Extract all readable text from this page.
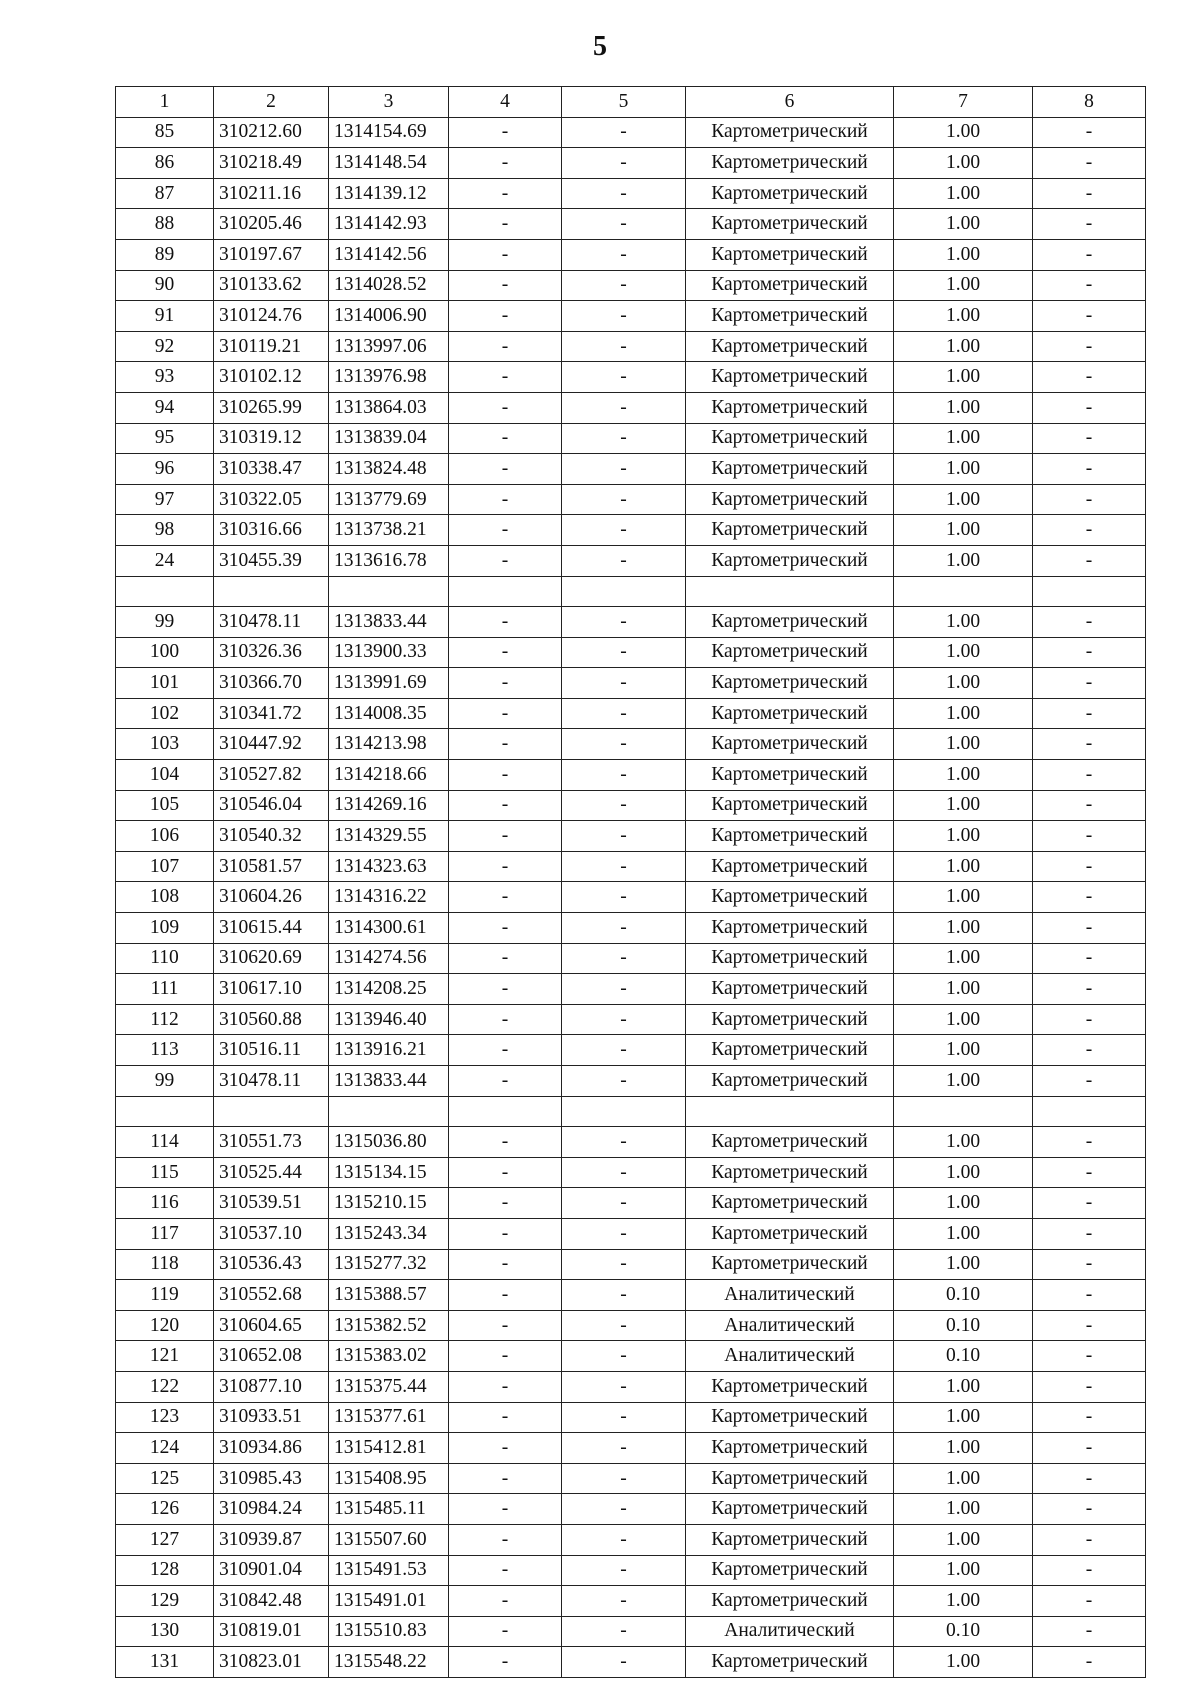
5
1	2	3	4	5	6	7	8
85	310212.60	1314154.69	-	-	Картометрический	1.00	-
86	310218.49	1314148.54	-	-	Картометрический	1.00	-
87	310211.16	1314139.12	-	-	Картометрический	1.00	-
88	310205.46	1314142.93	-	-	Картометрический	1.00	-
89	310197.67	1314142.56	-	-	Картометрический	1.00	-
90	310133.62	1314028.52	-	-	Картометрический	1.00	-
91	310124.76	1314006.90	-	-	Картометрический	1.00	-
92	310119.21	1313997.06	-	-	Картометрический	1.00	-
93	310102.12	1313976.98	-	-	Картометрический	1.00	-
94	310265.99	1313864.03	-	-	Картометрический	1.00	-
95	310319.12	1313839.04	-	-	Картометрический	1.00	-
96	310338.47	1313824.48	-	-	Картометрический	1.00	-
97	310322.05	1313779.69	-	-	Картометрический	1.00	-
98	310316.66	1313738.21	-	-	Картометрический	1.00	-
24	310455.39	1313616.78	-	-	Картометрический	1.00	-

99	310478.11	1313833.44	-	-	Картометрический	1.00	-
100	310326.36	1313900.33	-	-	Картометрический	1.00	-
101	310366.70	1313991.69	-	-	Картометрический	1.00	-
102	310341.72	1314008.35	-	-	Картометрический	1.00	-
103	310447.92	1314213.98	-	-	Картометрический	1.00	-
104	310527.82	1314218.66	-	-	Картометрический	1.00	-
105	310546.04	1314269.16	-	-	Картометрический	1.00	-
106	310540.32	1314329.55	-	-	Картометрический	1.00	-
107	310581.57	1314323.63	-	-	Картометрический	1.00	-
108	310604.26	1314316.22	-	-	Картометрический	1.00	-
109	310615.44	1314300.61	-	-	Картометрический	1.00	-
110	310620.69	1314274.56	-	-	Картометрический	1.00	-
111	310617.10	1314208.25	-	-	Картометрический	1.00	-
112	310560.88	1313946.40	-	-	Картометрический	1.00	-
113	310516.11	1313916.21	-	-	Картометрический	1.00	-
99	310478.11	1313833.44	-	-	Картометрический	1.00	-

114	310551.73	1315036.80	-	-	Картометрический	1.00	-
115	310525.44	1315134.15	-	-	Картометрический	1.00	-
116	310539.51	1315210.15	-	-	Картометрический	1.00	-
117	310537.10	1315243.34	-	-	Картометрический	1.00	-
118	310536.43	1315277.32	-	-	Картометрический	1.00	-
119	310552.68	1315388.57	-	-	Аналитический	0.10	-
120	310604.65	1315382.52	-	-	Аналитический	0.10	-
121	310652.08	1315383.02	-	-	Аналитический	0.10	-
122	310877.10	1315375.44	-	-	Картометрический	1.00	-
123	310933.51	1315377.61	-	-	Картометрический	1.00	-
124	310934.86	1315412.81	-	-	Картометрический	1.00	-
125	310985.43	1315408.95	-	-	Картометрический	1.00	-
126	310984.24	1315485.11	-	-	Картометрический	1.00	-
127	310939.87	1315507.60	-	-	Картометрический	1.00	-
128	310901.04	1315491.53	-	-	Картометрический	1.00	-
129	310842.48	1315491.01	-	-	Картометрический	1.00	-
130	310819.01	1315510.83	-	-	Аналитический	0.10	-
131	310823.01	1315548.22	-	-	Картометрический	1.00	-
